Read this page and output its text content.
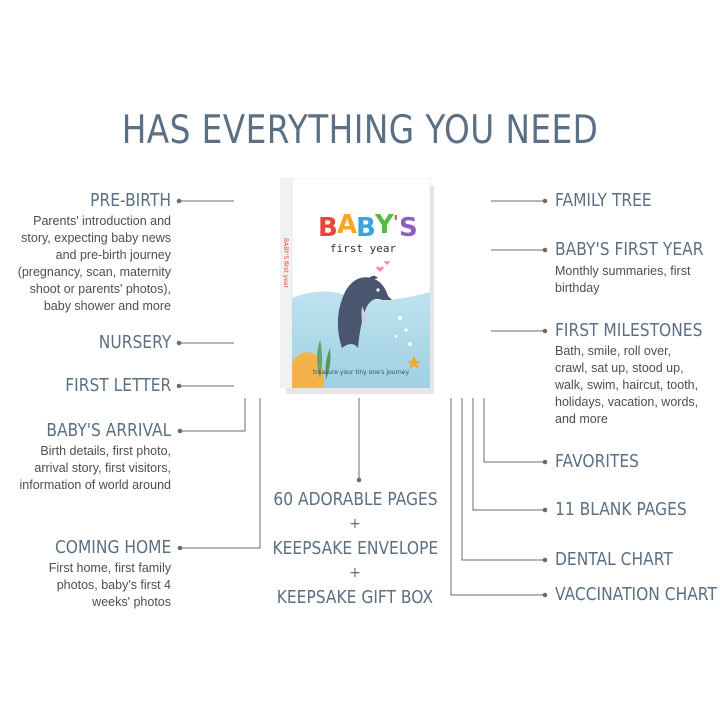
HAS EVERYTHING YOU NEED
treasure your tiny one's journey
B A
B Y ' S
first year
BABY'S first year
PRE-BIRTH
Parents' introduction and
story, expecting baby news
and pre-birth journey
(pregnancy, scan, maternity
shoot or parents' photos),
baby shower and more
NURSERY
FIRST LETTER
BABY'S ARRIVAL
Birth details, first photo,
arrival story, first visitors,
information of world around
COMING HOME
First home, first family
photos, baby's first 4
weeks' photos
60 ADORABLE PAGES
+
KEEPSAKE ENVELOPE
+
KEEPSAKE GIFT BOX
FAMILY TREE
BABY'S FIRST YEAR
Monthly summaries, first
birthday
FIRST MILESTONES
Bath, smile, roll over,
crawl, sat up, stood up,
walk, swim, haircut, tooth,
holidays, vacation, words,
and more
FAVORITES
11 BLANK PAGES
DENTAL CHART
VACCINATION CHART
